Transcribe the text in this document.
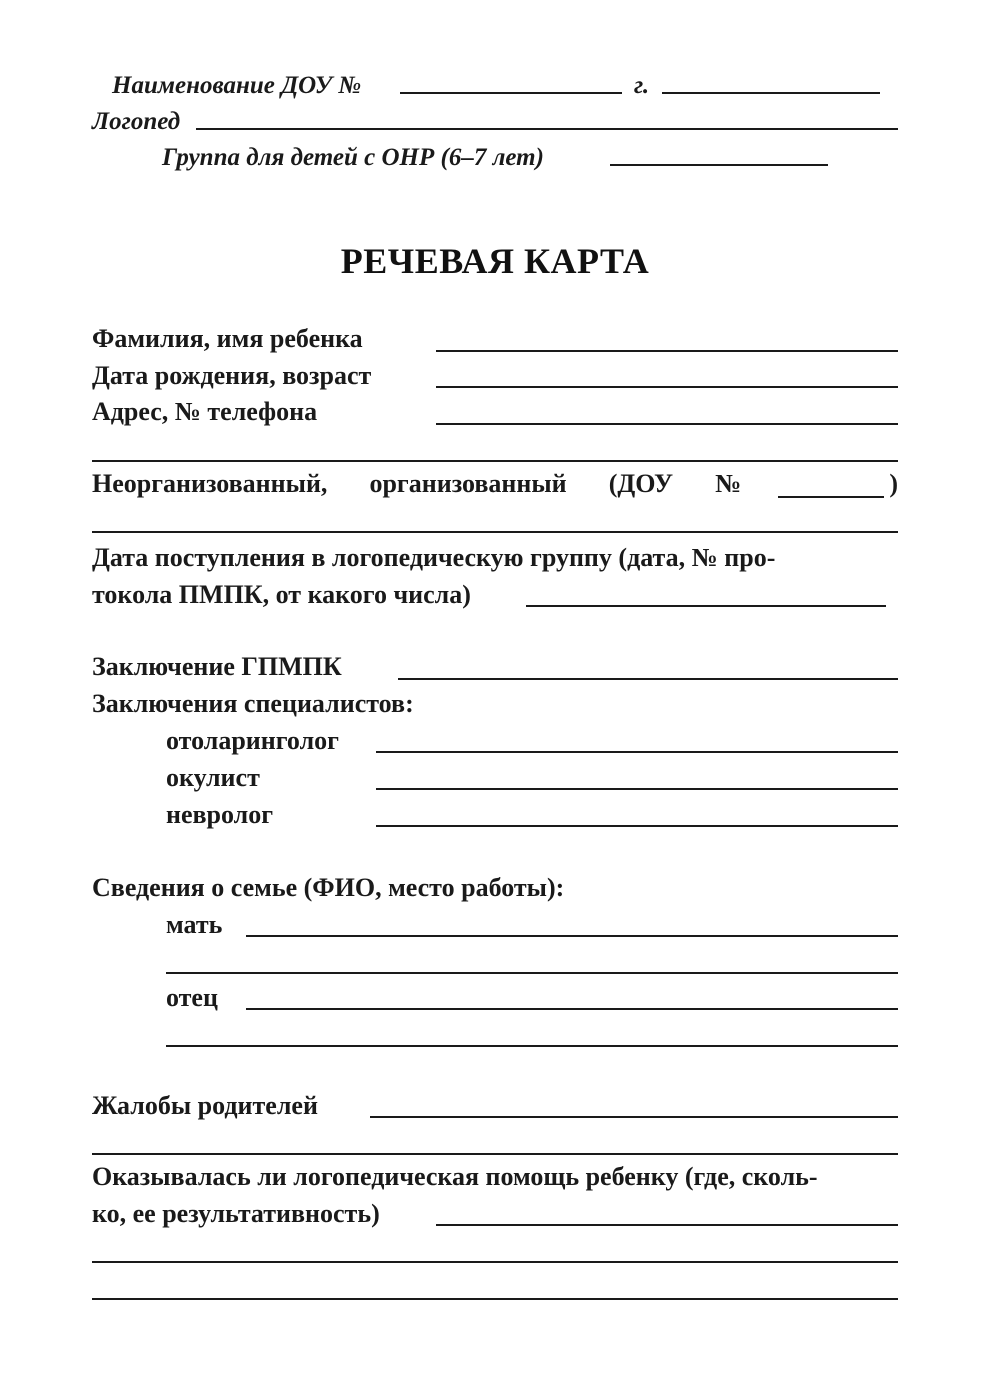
Наименование ДОУ №	г.
Логопед
Группа для детей с ОНР (6–7 лет)
РЕЧЕВАЯ КАРТА
Фамилия, имя ребенка
Дата рождения, возраст
Адрес, № телефона
Неорганизованный, организованный (ДОУ №	)
Дата поступления в логопедическую группу (дата, № про-
токола ПМПК, от какого числа)
Заключение ГПМПК
Заключения специалистов:
отоларинголог
окулист
невролог
Сведения о семье (ФИО, место работы):
мать
отец
Жалобы родителей
Оказывалась ли логопедическая помощь ребенку (где, сколь-
ко, ее результативность)
